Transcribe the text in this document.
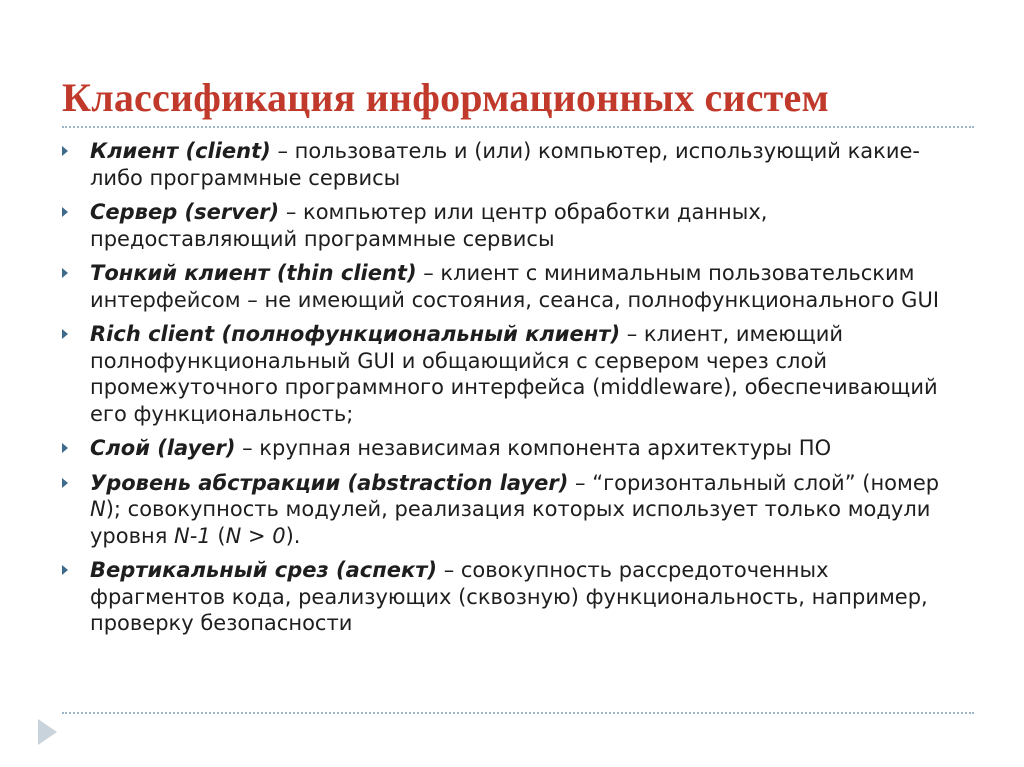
Классификация информационных систем
Клиент (client) – пользователь и (или) компьютер, использующий какие-либо программные сервисы
Сервер (server) – компьютер или центр обработки данных, предоставляющий программные сервисы
Тонкий клиент (thin client) – клиент с минимальным пользовательским интерфейсом – не имеющий состояния, сеанса, полнофункционального GUI
Rich client (полнофункциональный клиент) – клиент, имеющий полнофункциональный GUI и общающийся с сервером через слой промежуточного программного интерфейса (middleware), обеспечивающий его функциональность;
Слой (layer) – крупная независимая компонента архитектуры ПО
Уровень абстракции (abstraction layer) – “горизонтальный слой” (номер N); совокупность модулей, реализация которых использует только модули уровня N-1 (N > 0).
Вертикальный срез (аспект) – совокупность рассредоточенных фрагментов кода, реализующих (сквозную) функциональность, например, проверку безопасности
